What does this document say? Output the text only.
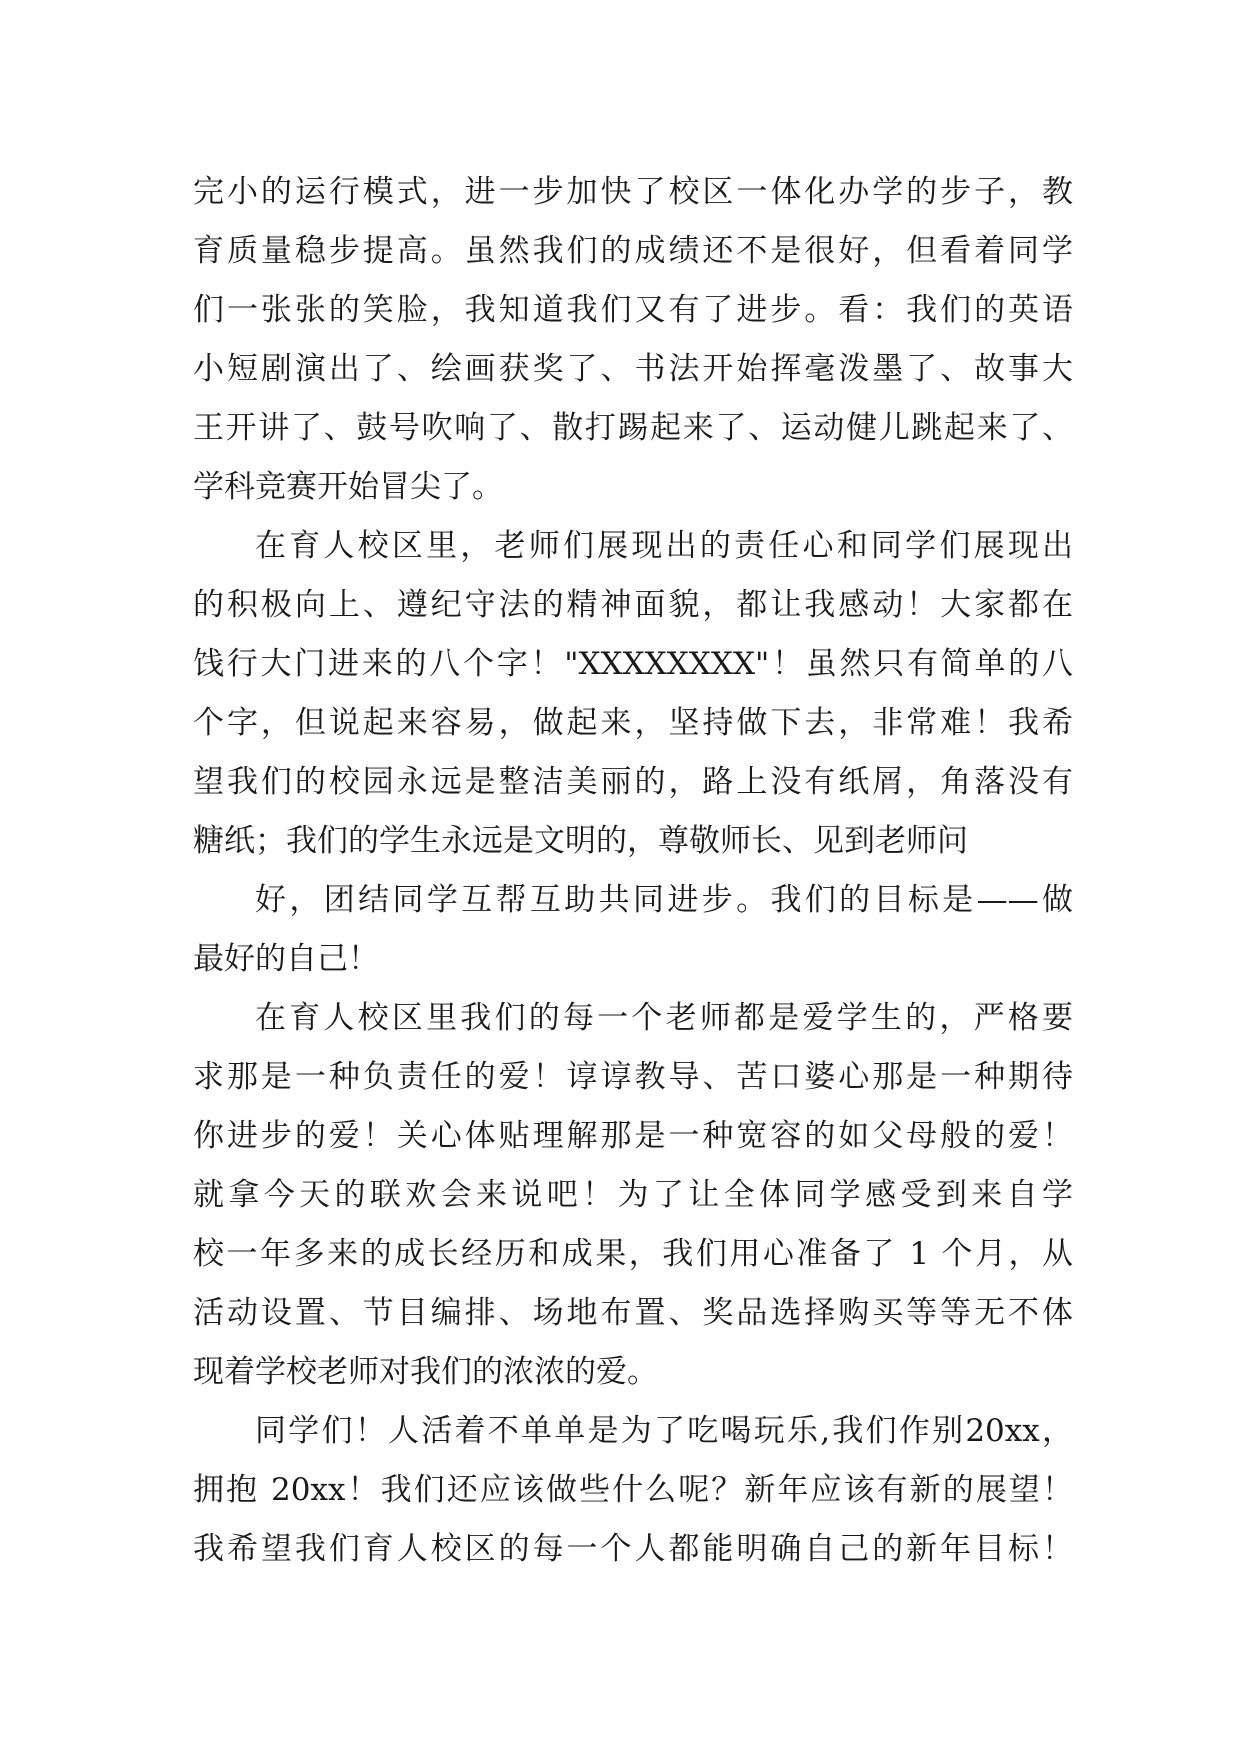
完小的运行模式，进一步加快了校区一体化办学的步子，教
育质量稳步提高。虽然我们的成绩还不是很好，但看着同学
们一张张的笑脸，我知道我们又有了进步。看：我们的英语
小短剧演出了、绘画获奖了、书法开始挥毫泼墨了、故事大
王开讲了、鼓号吹响了、散打踢起来了、运动健儿跳起来了、
学科竞赛开始冒尖了。
在育人校区里，老师们展现出的责任心和同学们展现出
的积极向上、遵纪守法的精神面貌，都让我感动！大家都在
饯行大门进来的八个字！"XXXXXXXX"！虽然只有简单的八
个字，但说起来容易，做起来，坚持做下去，非常难！我希
望我们的校园永远是整洁美丽的，路上没有纸屑，角落没有
糖纸；我们的学生永远是文明的，尊敬师长、见到老师问
好，团结同学互帮互助共同进步。我们的目标是——做
最好的自己！
在育人校区里我们的每一个老师都是爱学生的，严格要
求那是一种负责任的爱！谆谆教导、苦口婆心那是一种期待
你进步的爱！关心体贴理解那是一种宽容的如父母般的爱！
就拿今天的联欢会来说吧！为了让全体同学感受到来自学
校一年多来的成长经历和成果，我们用心准备了 1 个月，从
活动设置、节目编排、场地布置、奖品选择购买等等无不体
现着学校老师对我们的浓浓的爱。
同学们！人活着不单单是为了吃喝玩乐,我们作别20xx，
拥抱 20xx！我们还应该做些什么呢？新年应该有新的展望！
我希望我们育人校区的每一个人都能明确自己的新年目标！
